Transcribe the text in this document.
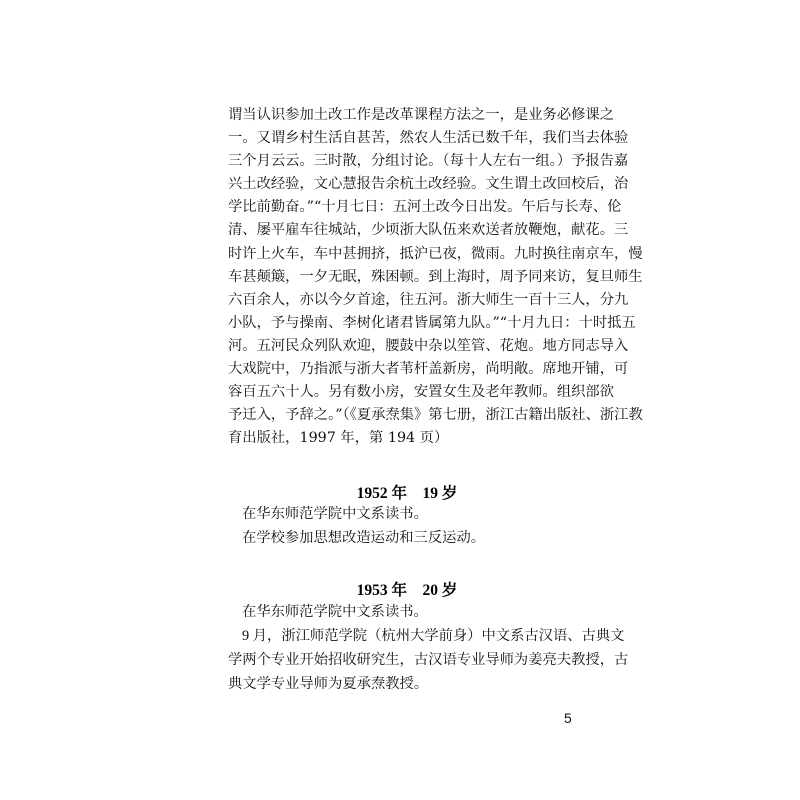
谓当认识参加土改工作是改革课程方法之一，是业务必修课之
一。又谓乡村生活自甚苦，然农人生活已数千年，我们当去体验
三个月云云。三时散，分组讨论。（每十人左右一组。）予报告嘉
兴土改经验，文心慧报告余杭土改经验。文生谓土改回校后，治
学比前勤奋。”“十月七日：五河土改今日出发。午后与长寿、伦
清、屡平雇车往城站，少顷浙大队伍来欢送者放鞭炮，献花。三
时许上火车，车中甚拥挤，抵沪已夜，微雨。九时换往南京车，慢
车甚颠簸，一夕无眠，殊困顿。到上海时，周予同来访，复旦师生
六百余人，亦以今夕首途，往五河。浙大师生一百十三人，分九
小队，予与操南、李树化诸君皆属第九队。”“十月九日：十时抵五
河。五河民众列队欢迎，腰鼓中杂以笙管、花炮。地方同志导入
大戏院中，乃指派与浙大者苇杆盖新房，尚明敞。席地开铺，可
容百五六十人。另有数小房，安置女生及老年教师。组织部欲
予迁入，予辞之。”（《夏承焘集》第七册，浙江古籍出版社、浙江教
育出版社，1997 年，第 194 页）
1952 年　19 岁
在华东师范学院中文系读书。
在学校参加思想改造运动和三反运动。
1953 年　20 岁
在华东师范学院中文系读书。
9 月，浙江师范学院（杭州大学前身）中文系古汉语、古典文
学两个专业开始招收研究生，古汉语专业导师为姜亮夫教授，古
典文学专业导师为夏承焘教授。
5
